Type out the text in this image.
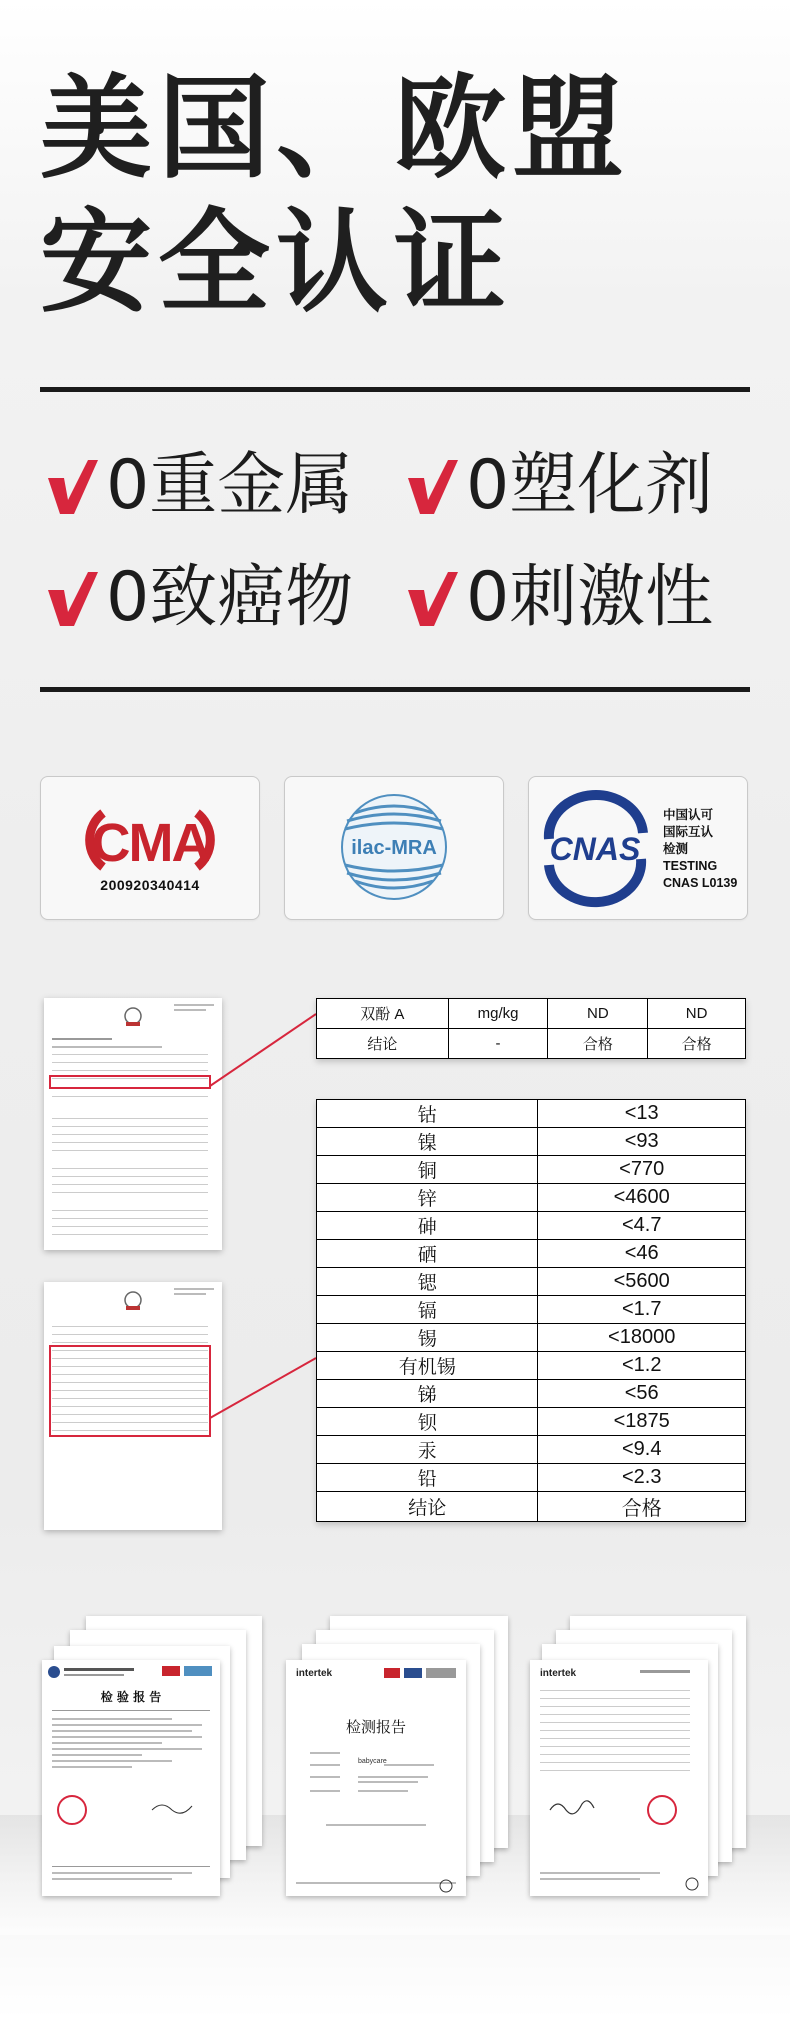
美国、欧盟
安全认证
0重金属 0塑化剂
0致癌物 0刺激性
CMA
200920340414
ilac-MRA	CNAS
中国认可
国际互认
检测
TESTING
CNAS L0139
双酚 A	mg/kg	ND	ND
结论	-	合格	合格
钴	<13
镍	<93
铜	<770
锌	<4600
砷	<4.7
硒	<46
锶	<5600
镉	<1.7
锡	<18000
有机锡	<1.2
锑	<56
钡	<1875
汞	<9.4
铅	<2.3
结论	合格
检 验 报 告
intertek
检测报告
babycare
intertek
